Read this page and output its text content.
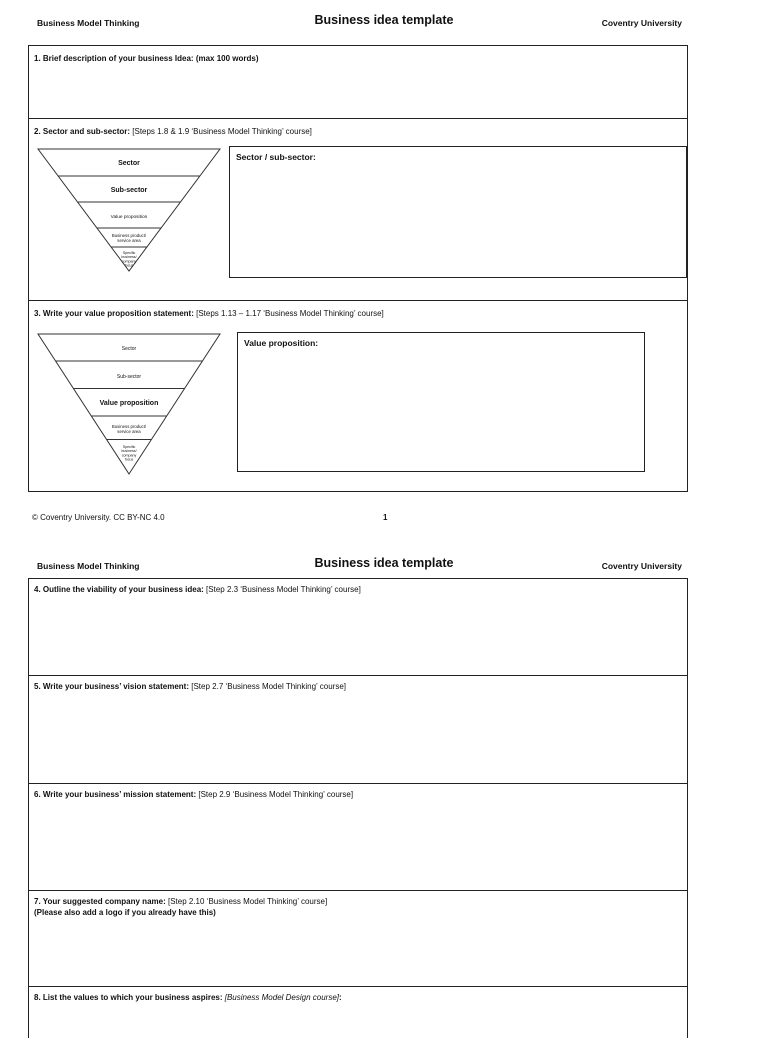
Business Model Thinking	Business idea template	Coventry University
1. Brief description of your business Idea: (max 100 words)
2. Sector and sub-sector: [Steps 1.8 & 1.9 ‘Business Model Thinking’ course]
Sector
Sub-sector
Value proposition
Business product/ service area
Specific business/ company focus
Sector / sub-sector:
3. Write your value proposition statement: [Steps 1.13 – 1.17 ‘Business Model Thinking’ course]
Sector
Sub-sector
Value proposition
Business product/ service area
Specific business/ company focus
Value proposition:
© Coventry University. CC BY-NC 4.0	1
Business Model Thinking	Business idea template	Coventry University
4. Outline the viability of your business idea: [Step 2.3 ‘Business Model Thinking’ course]
5. Write your business’ vision statement: [Step 2.7 ‘Business Model Thinking’ course]
6. Write your business’ mission statement: [Step 2.9 ‘Business Model Thinking’ course]
7. Your suggested company name: [Step 2.10 ‘Business Model Thinking’ course]
(Please also add a logo if you already have this)
8. List the values to which your business aspires: [Business Model Design course]:
